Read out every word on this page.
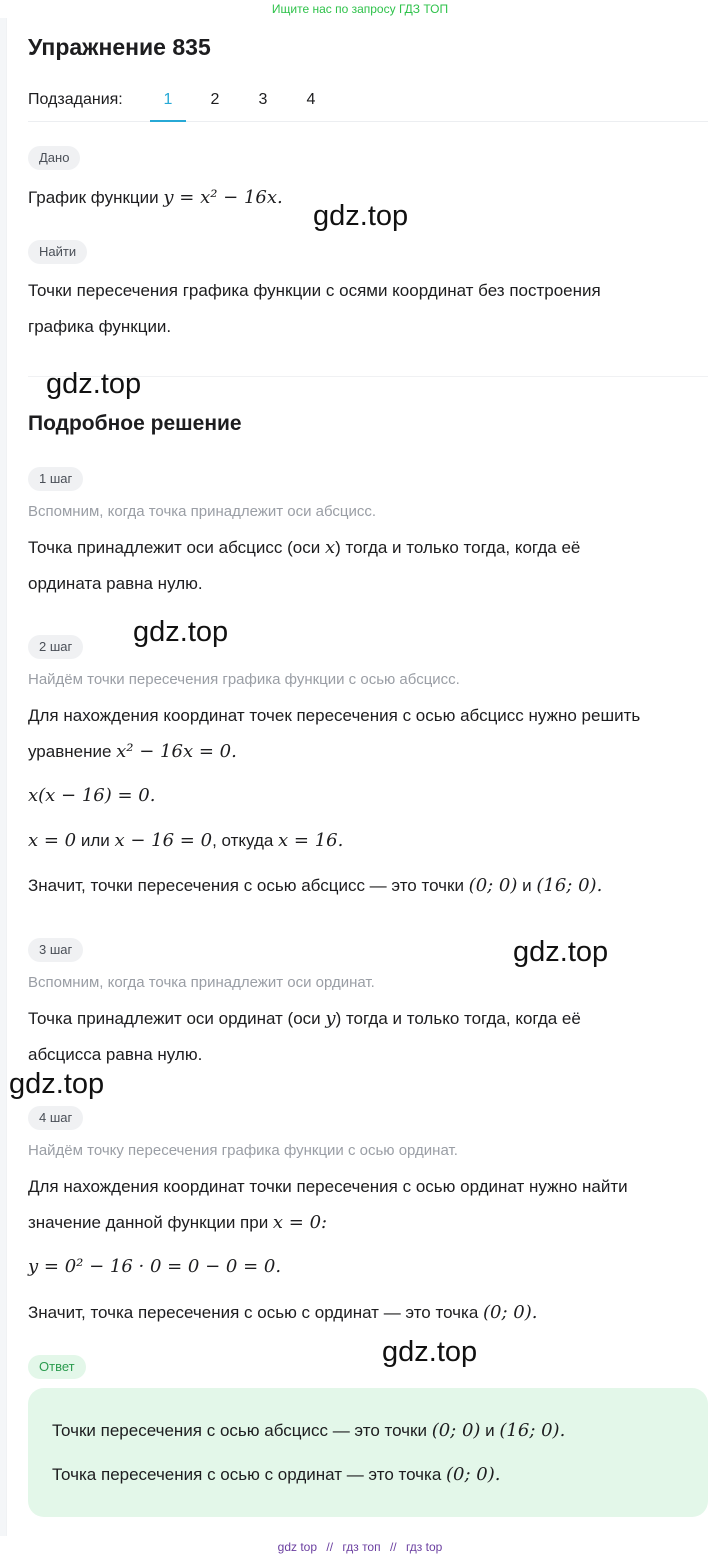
Ищите нас по запросу ГДЗ ТОП
Упражнение 835
Подзадания:	1	2	3	4
Дано
График функции y = x² − 16x.
Найти
Точки пересечения графика функции с осями координат без построения
графика функции.
Подробное решение
1 шаг
Вспомним, когда точка принадлежит оси абсцисс.
Точка принадлежит оси абсцисс (оси x) тогда и только тогда, когда её
ордината равна нулю.
2 шаг
Найдём точки пересечения графика функции с осью абсцисс.
Для нахождения координат точек пересечения с осью абсцисс нужно решить
уравнение x² − 16x = 0.
x(x − 16) = 0.
x = 0 или x − 16 = 0, откуда x = 16.
Значит, точки пересечения с осью абсцисс — это точки (0; 0) и (16; 0).
3 шаг
Вспомним, когда точка принадлежит оси ординат.
Точка принадлежит оси ординат (оси y) тогда и только тогда, когда её
абсцисса равна нулю.
4 шаг
Найдём точку пересечения графика функции с осью ординат.
Для нахождения координат точки пересечения с осью ординат нужно найти
значение данной функции при x = 0:
y = 0² − 16 · 0 = 0 − 0 = 0.
Значит, точка пересечения с осью с ординат — это точка (0; 0).
Ответ
Точки пересечения с осью абсцисс — это точки (0; 0) и (16; 0).
Точка пересечения с осью с ординат — это точка (0; 0).
gdz.top
gdz.top
gdz.top
gdz.top
gdz.top
gdz.top
gdz top // гдз топ // гдз top
